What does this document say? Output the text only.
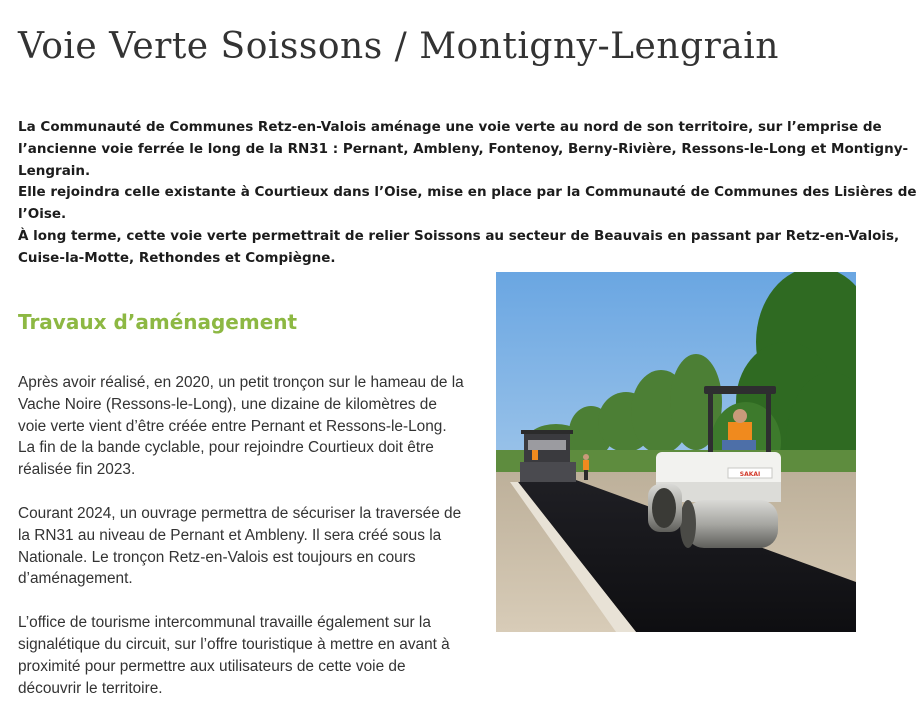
Voie Verte Soissons / Montigny-Lengrain

La Communauté de Communes Retz-en-Valois aménage une voie verte au nord de son territoire, sur l’emprise de l’ancienne voie ferrée le long de la RN31 : Pernant, Ambleny, Fontenoy, Berny-Rivière, Ressons-le-Long et Montigny-Lengrain.

Elle rejoindra celle existante à Courtieux dans l’Oise, mise en place par la Communauté de Communes des Lisières de l’Oise.

À long terme, cette voie verte permettrait de relier Soissons au secteur de Beauvais en passant par Retz-en-Valois, Cuise-la-Motte, Rethondes et Compiègne.

Travaux d’aménagement

Après avoir réalisé, en 2020, un petit tronçon sur le hameau de la Vache Noire (Ressons-le-Long), une dizaine de kilomètres de voie verte vient d’être créée entre Pernant et Ressons-le-Long. La fin de la bande cyclable, pour rejoindre Courtieux doit être réalisée fin 2023.

Courant 2024, un ouvrage permettra de sécuriser la traversée de la RN31 au niveau de Pernant et Ambleny. Il sera créé sous la Nationale. Le tronçon Retz-en-Valois est toujours en cours d’aménagement.

L’office de tourisme intercommunal travaille également sur la signalétique du circuit, sur l’offre touristique à mettre en avant à proximité pour permettre aux utilisateurs de cette voie de découvrir le territoire.

SAKAI
